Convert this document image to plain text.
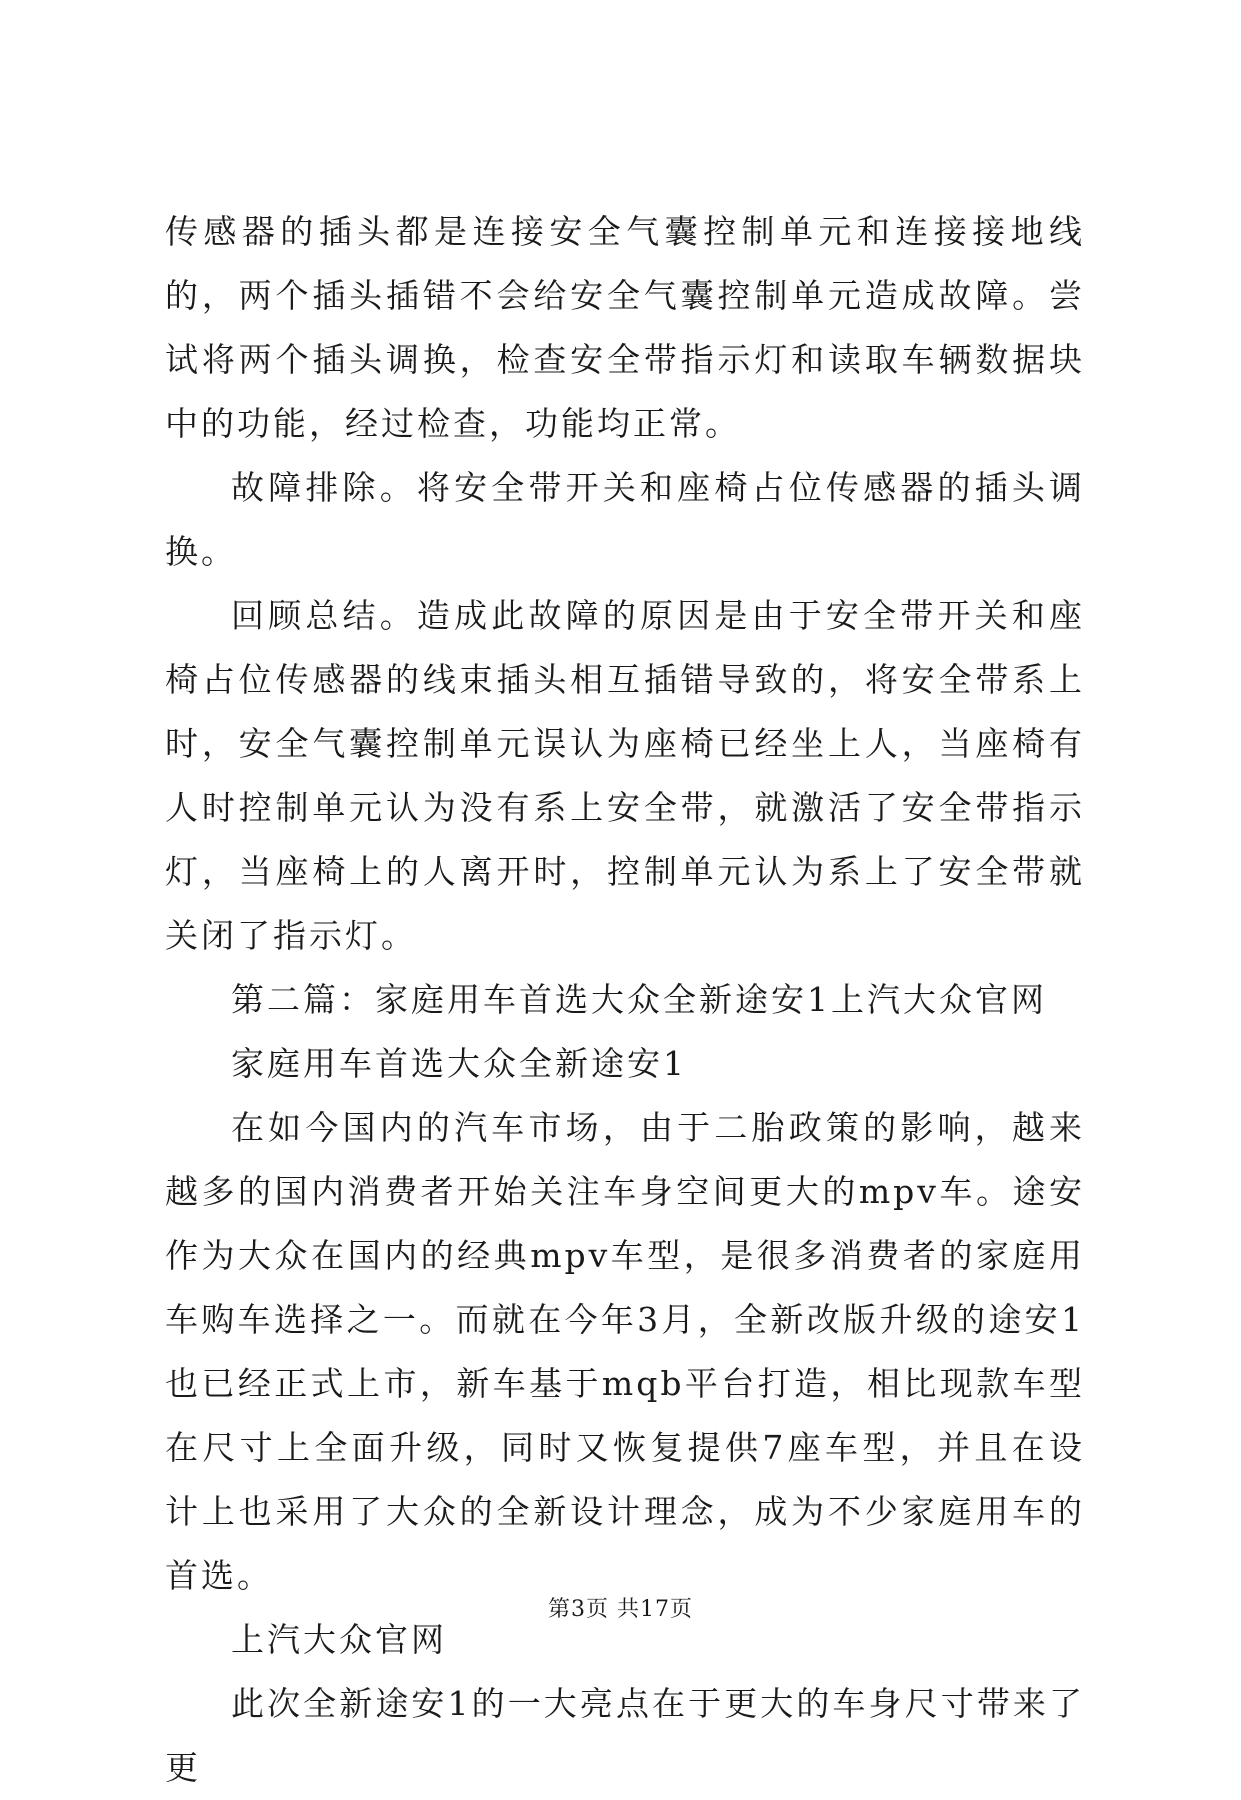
传感器的插头都是连接安全气囊控制单元和连接接地线的，两个插头插错不会给安全气囊控制单元造成故障。尝试将两个插头调换，检查安全带指示灯和读取车辆数据块中的功能，经过检查，功能均正常。

故障排除。将安全带开关和座椅占位传感器的插头调换。

回顾总结。造成此故障的原因是由于安全带开关和座椅占位传感器的线束插头相互插错导致的，将安全带系上时，安全气囊控制单元误认为座椅已经坐上人，当座椅有人时控制单元认为没有系上安全带，就激活了安全带指示灯，当座椅上的人离开时，控制单元认为系上了安全带就关闭了指示灯。

第二篇：家庭用车首选大众全新途安1上汽大众官网

家庭用车首选大众全新途安1

在如今国内的汽车市场，由于二胎政策的影响，越来越多的国内消费者开始关注车身空间更大的mpv车。途安作为大众在国内的经典mpv车型，是很多消费者的家庭用车购车选择之一。而就在今年3月，全新改版升级的途安1也已经正式上市，新车基于mqb平台打造，相比现款车型在尺寸上全面升级，同时又恢复提供7座车型，并且在设计上也采用了大众的全新设计理念，成为不少家庭用车的首选。

上汽大众官网

此次全新途安1的一大亮点在于更大的车身尺寸带来了更

第3页 共17页
